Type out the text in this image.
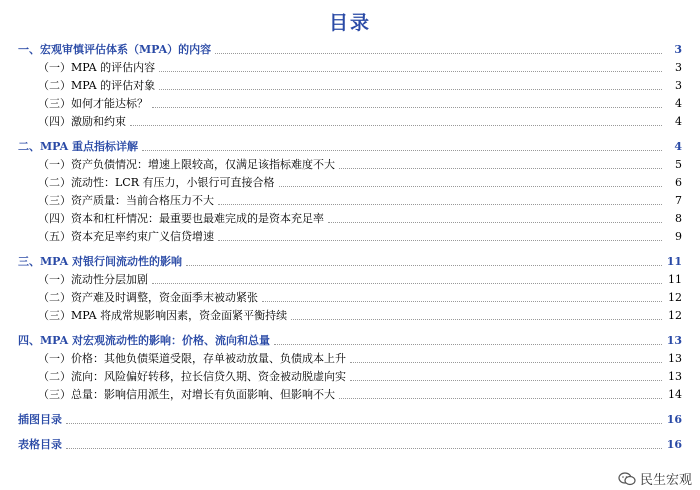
目录
一、宏观审慎评估体系（MPA）的内容	3
（一）MPA 的评估内容	3
（二）MPA 的评估对象	3
（三）如何才能达标？	4
（四）激励和约束	4
二、MPA 重点指标详解	4
（一）资产负债情况：增速上限较高，仅满足该指标难度不大	5
（二）流动性：LCR 有压力，小银行可直接合格	6
（三）资产质量：当前合格压力不大	7
（四）资本和杠杆情况：最重要也最难完成的是资本充足率	8
（五）资本充足率约束广义信贷增速	9
三、MPA 对银行间流动性的影响	11
（一）流动性分层加剧	11
（二）资产难及时调整，资金面季末被动紧张	12
（三）MPA 将成常规影响因素，资金面紧平衡持续	12
四、MPA 对宏观流动性的影响：价格、流向和总量	13
（一）价格：其他负债渠道受限，存单被动放量、负债成本上升	13
（二）流向：风险偏好转移，拉长信贷久期、资金被动脱虚向实	13
（三）总量：影响信用派生，对增长有负面影响、但影响不大	14
插图目录	16
表格目录	16
民生宏观
